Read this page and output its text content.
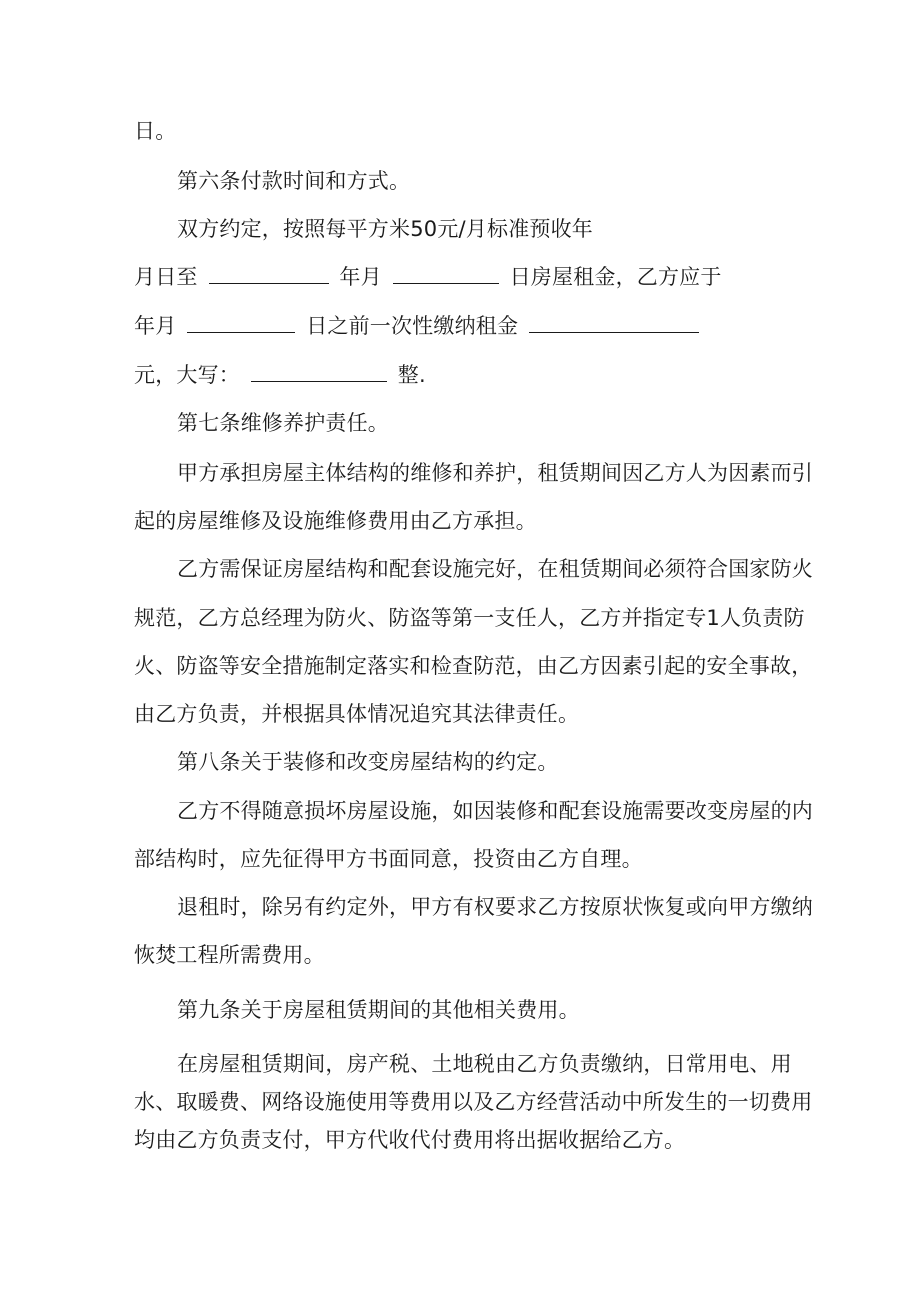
日。

第六条付款时间和方式。

双方约定，按照每平方米50元/月标准预收年

月日至	年月	日房屋租金，乙方应于

年月	日之前一次性缴纳租金

元，大写：	整.

第七条维修养护责任。

甲方承担房屋主体结构的维修和养护，租赁期间因乙方人为因素而引

起的房屋维修及设施维修费用由乙方承担。

乙方需保证房屋结构和配套设施完好，在租赁期间必须符合国家防火

规范，乙方总经理为防火、防盗等第一支任人，乙方并指定专1人负责防

火、防盗等安全措施制定落实和检查防范，由乙方因素引起的安全事故，

由乙方负责，并根据具体情况追究其法律责任。

第八条关于装修和改变房屋结构的约定。

乙方不得随意损坏房屋设施，如因装修和配套设施需要改变房屋的内

部结构时，应先征得甲方书面同意，投资由乙方自理。

退租时，除另有约定外，甲方有权要求乙方按原状恢复或向甲方缴纳

恢焚工程所需费用。

第九条关于房屋租赁期间的其他相关费用。

在房屋租赁期间，房产税、土地税由乙方负责缴纳，日常用电、用

水、取暖费、网络设施使用等费用以及乙方经营活动中所发生的一切费用

均由乙方负责支付，甲方代收代付费用将出据收据给乙方。
